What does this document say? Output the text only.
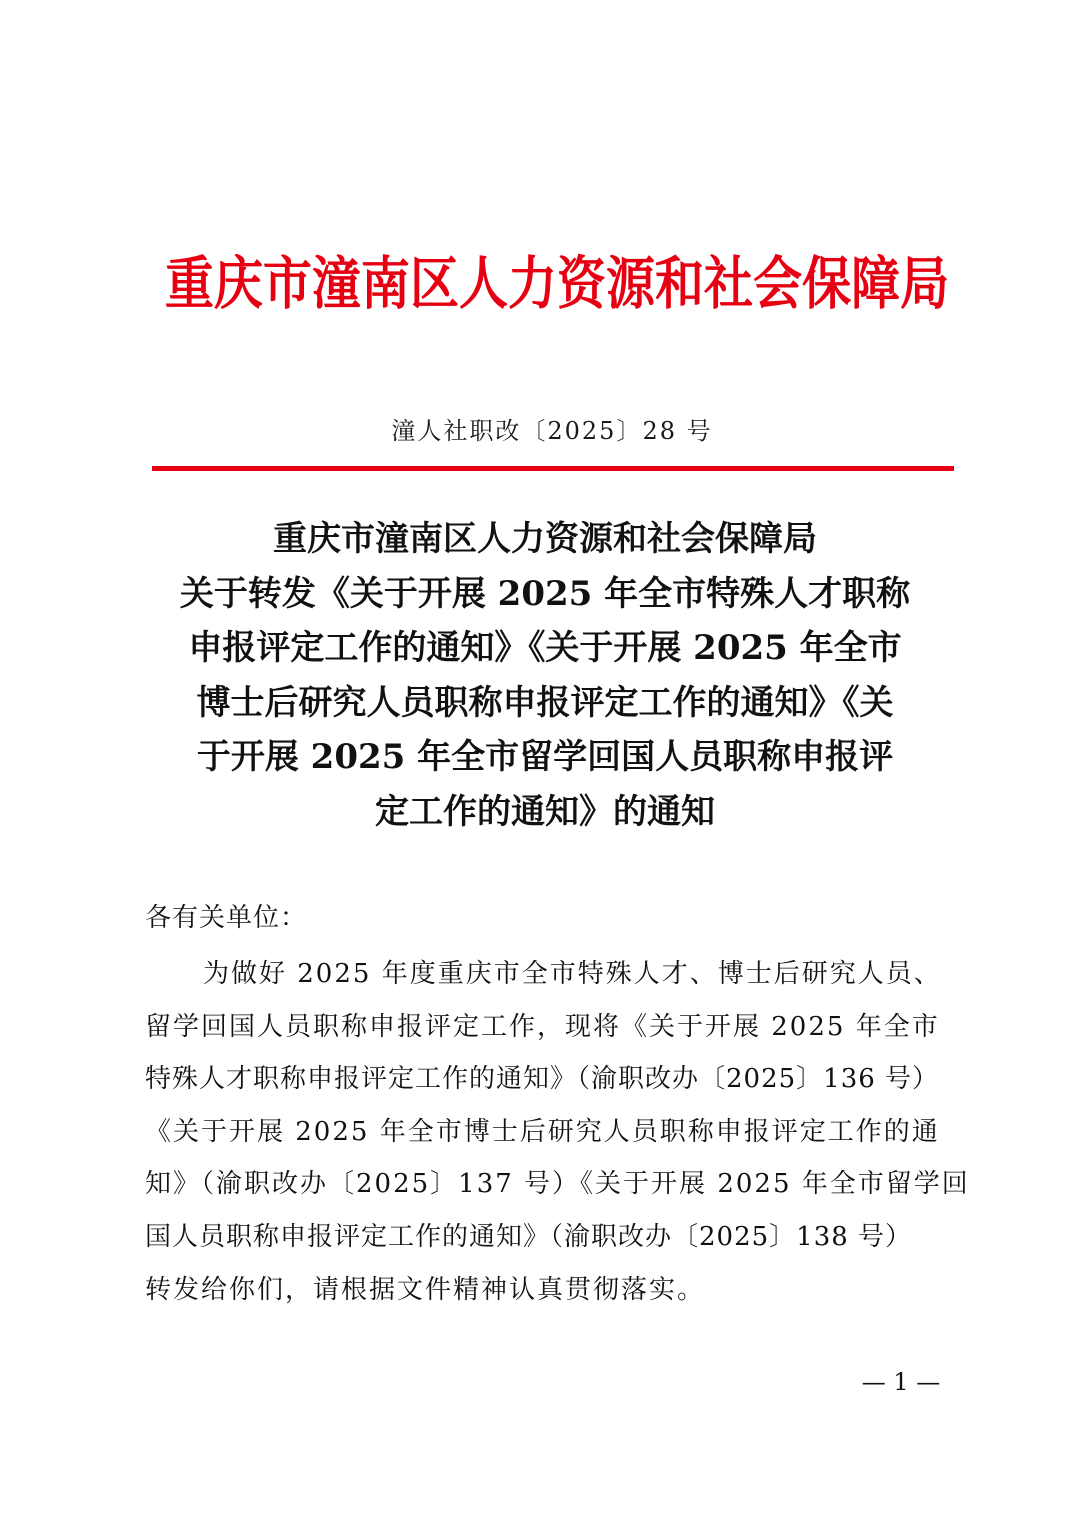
重庆市潼南区人力资源和社会保障局
潼人社职改〔2025〕28 号
重庆市潼南区人力资源和社会保障局
关于转发《关于开展 2025 年全市特殊人才职称
申报评定工作的通知》《关于开展 2025 年全市
博士后研究人员职称申报评定工作的通知》《关
于开展 2025 年全市留学回国人员职称申报评
定工作的通知》的通知
各有关单位：
为做好 2025 年度重庆市全市特殊人才、博士后研究人员、
留学回国人员职称申报评定工作，现将《关于开展 2025 年全市
特殊人才职称申报评定工作的通知》（渝职改办〔2025〕136 号）
《关于开展 2025 年全市博士后研究人员职称申报评定工作的通
知》（渝职改办〔2025〕137 号）《关于开展 2025 年全市留学回
国人员职称申报评定工作的通知》（渝职改办〔2025〕138 号）
转发给你们，请根据文件精神认真贯彻落实。
— 1 —
